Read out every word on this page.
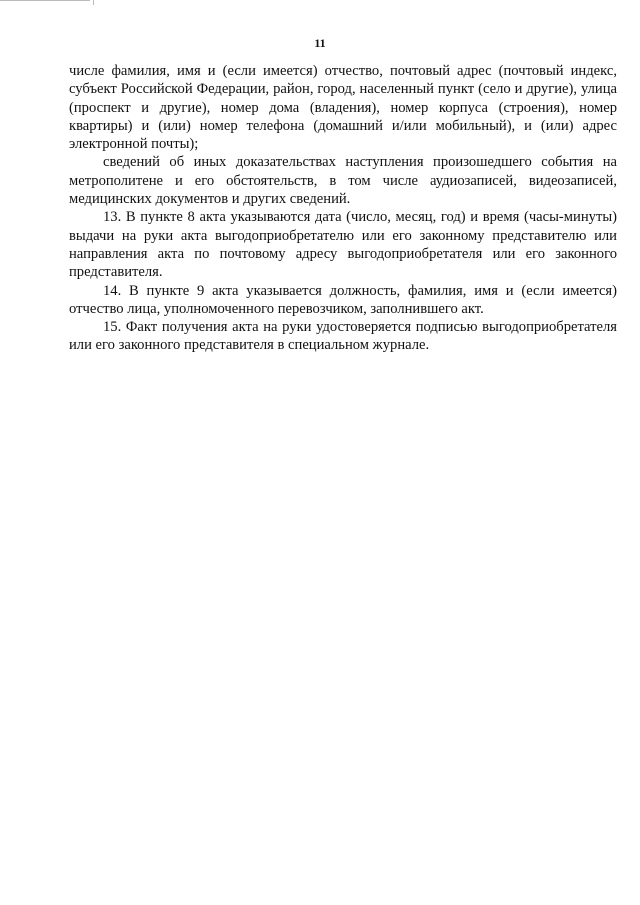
11

числе фамилия, имя и (если имеется) отчество, почтовый адрес (почтовый индекс, субъект Российской Федерации, район, город, населенный пункт (село и другие), улица (проспект и другие), номер дома (владения), номер корпуса (строения), номер квартиры) и (или) номер телефона (домашний и/или мобильный), и (или) адрес электронной почты);

сведений об иных доказательствах наступления произошедшего события на метрополитене и его обстоятельств, в том числе аудиозаписей, видеозаписей, медицинских документов и других сведений.

13. В пункте 8 акта указываются дата (число, месяц, год) и время (часы-минуты) выдачи на руки акта выгодоприобретателю или его законному представителю или направления акта по почтовому адресу выгодоприобретателя или его законного представителя.

14. В пункте 9 акта указывается должность, фамилия, имя и (если имеется) отчество лица, уполномоченного перевозчиком, заполнившего акт.

15. Факт получения акта на руки удостоверяется подписью выгодоприобретателя или его законного представителя в специальном журнале.
